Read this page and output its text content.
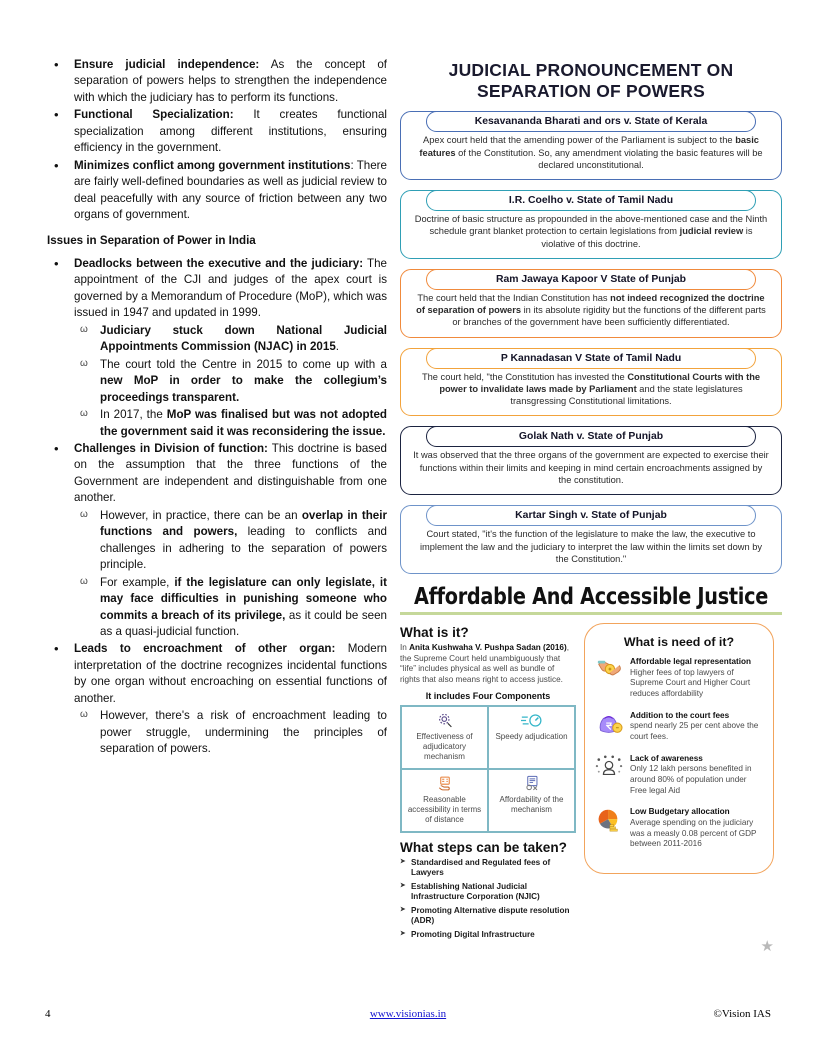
• Ensure judicial independence: As the concept of separation of powers helps to strengthen the independence with which the judiciary has to perform its functions.
• Functional Specialization: It creates functional specialization among different institutions, ensuring efficiency in the government.
• Minimizes conflict among government institutions: There are fairly well-defined boundaries as well as judicial review to deal peacefully with any source of friction between any two organs of government.
Issues in Separation of Power in India
• Deadlocks between the executive and the judiciary: The appointment of the CJI and judges of the apex court is governed by a Memorandum of Procedure (MoP), which was issued in 1947 and updated in 1999.
ω Judiciary stuck down National Judicial Appointments Commission (NJAC) in 2015.
ω The court told the Centre in 2015 to come up with a new MoP in order to make the collegium’s proceedings transparent.
ω In 2017, the MoP was finalised but was not adopted the government said it was reconsidering the issue.
• Challenges in Division of function: This doctrine is based on the assumption that the three functions of the Government are independent and distinguishable from one another.
ω However, in practice, there can be an overlap in their functions and powers, leading to conflicts and challenges in adhering to the separation of powers principle.
ω For example, if the legislature can only legislate, it may face difficulties in punishing someone who commits a breach of its privilege, as it could be seen as a quasi-judicial function.
• Leads to encroachment of other organ: Modern interpretation of the doctrine recognizes incidental functions by one organ without encroaching on essential functions of another.
ω However, there's a risk of encroachment leading to power struggle, undermining the principles of separation of powers.
JUDICIAL PRONOUNCEMENT ON SEPARATION OF POWERS
Kesavananda Bharati and ors v. State of Kerala
Apex court held that the amending power of the Parliament is subject to the basic features of the Constitution. So, any amendment violating the basic features will be declared unconstitutional.
I.R. Coelho v. State of Tamil Nadu
Doctrine of basic structure as propounded in the above-mentioned case and the Ninth schedule grant blanket protection to certain legislations from judicial review is violative of this doctrine.
Ram Jawaya Kapoor V State of Punjab
The court held that the Indian Constitution has not indeed recognized the doctrine of separation of powers in its absolute rigidity but the functions of the different parts or branches of the government have been sufficiently differentiated.
P Kannadasan V State of Tamil Nadu
The court held, "the Constitution has invested the Constitutional Courts with the power to invalidate laws made by Parliament and the state legislatures transgressing Constitutional limitations.
Golak Nath v. State of Punjab
It was observed that the three organs of the government are expected to exercise their functions within their limits and keeping in mind certain encroachments assigned by the constitution.
Kartar Singh v. State of Punjab
Court stated, "it's the function of the legislature to make the law, the executive to implement the law and the judiciary to interpret the law within the limits set down by the Constitution."
Affordable And Accessible Justice
What is it?
In Anita Kushwaha V. Pushpa Sadan (2016), the Supreme Court held unambiguously that “life” includes physical as well as bundle of rights that also means right to access justice.
It includes Four Components
Effectiveness of adjudicatory mechanism
Speedy adjudication
Reasonable accessibility in terms of distance
Affordability of the mechanism
What steps can be taken?
➤ Standardised and Regulated fees of Lawyers
➤ Establishing National Judicial Infrastructure Corporation (NJIC)
➤ Promoting Alternative dispute resolution (ADR)
➤ Promoting Digital Infrastructure
What is need of it?
Affordable legal representation
Higher fees of top lawyers of Supreme Court and Higher Court reduces affordability
Addition to the court fees
spend nearly 25 per cent above the court fees.
Lack of awareness
Only 12 lakh persons benefited in around 80% of population under Free legal Aid
Low Budgetary allocation
Average spending on the judiciary was a measly 0.08 percent of GDP between 2011-2016
★
4	www.visionias.in	©Vision IAS
